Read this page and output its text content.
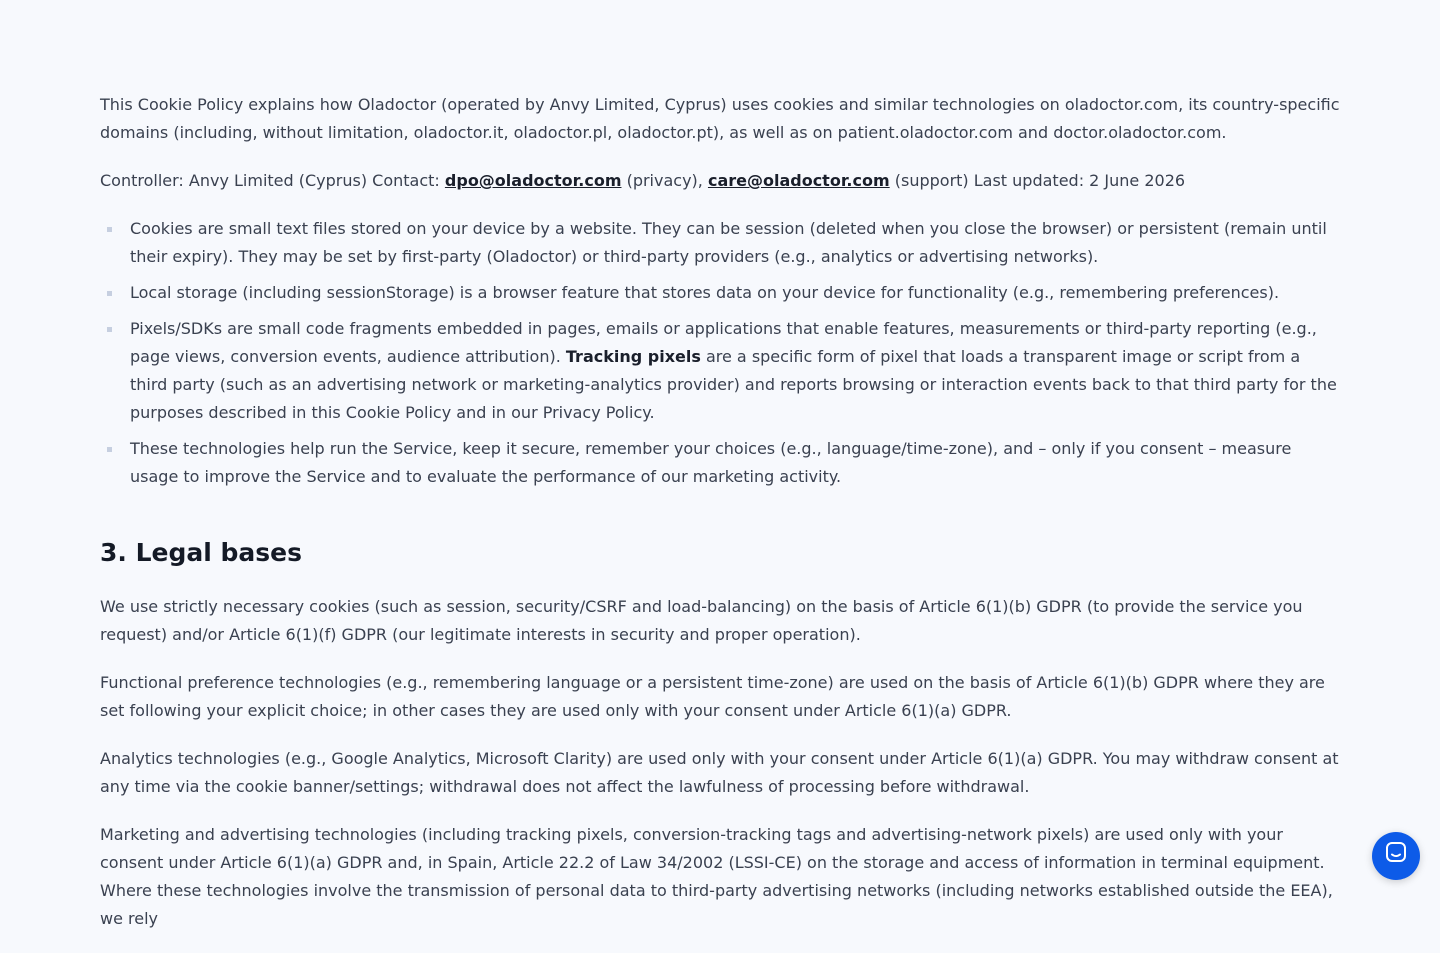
This Cookie Policy explains how Oladoctor (operated by Anvy Limited, Cyprus) uses cookies and similar technologies on oladoctor.com, its country-specific domains (including, without limitation, oladoctor.it, oladoctor.pl, oladoctor.pt), as well as on patient.oladoctor.com and doctor.oladoctor.com.

Controller: Anvy Limited (Cyprus) Contact: dpo@oladoctor.com (privacy), care@oladoctor.com (support) Last updated: 2 June 2026

Cookies are small text files stored on your device by a website. They can be session (deleted when you close the browser) or persistent (remain until their expiry). They may be set by first-party (Oladoctor) or third-party providers (e.g., analytics or advertising networks).
Local storage (including sessionStorage) is a browser feature that stores data on your device for functionality (e.g., remembering preferences).
Pixels/SDKs are small code fragments embedded in pages, emails or applications that enable features, measurements or third-party reporting (e.g., page views, conversion events, audience attribution). Tracking pixels are a specific form of pixel that loads a transparent image or script from a third party (such as an advertising network or marketing-analytics provider) and reports browsing or interaction events back to that third party for the purposes described in this Cookie Policy and in our Privacy Policy.
These technologies help run the Service, keep it secure, remember your choices (e.g., language/time-zone), and – only if you consent – measure usage to improve the Service and to evaluate the performance of our marketing activity.
3. Legal bases

We use strictly necessary cookies (such as session, security/CSRF and load-balancing) on the basis of Article 6(1)(b) GDPR (to provide the service you request) and/or Article 6(1)(f) GDPR (our legitimate interests in security and proper operation).

Functional preference technologies (e.g., remembering language or a persistent time-zone) are used on the basis of Article 6(1)(b) GDPR where they are set following your explicit choice; in other cases they are used only with your consent under Article 6(1)(a) GDPR.

Analytics technologies (e.g., Google Analytics, Microsoft Clarity) are used only with your consent under Article 6(1)(a) GDPR. You may withdraw consent at any time via the cookie banner/settings; withdrawal does not affect the lawfulness of processing before withdrawal.

Marketing and advertising technologies (including tracking pixels, conversion-tracking tags and advertising-network pixels) are used only with your consent under Article 6(1)(a) GDPR and, in Spain, Article 22.2 of Law 34/2002 (LSSI-CE) on the storage and access of information in terminal equipment. Where these technologies involve the transmission of personal data to third-party advertising networks (including networks established outside the EEA), we rely
